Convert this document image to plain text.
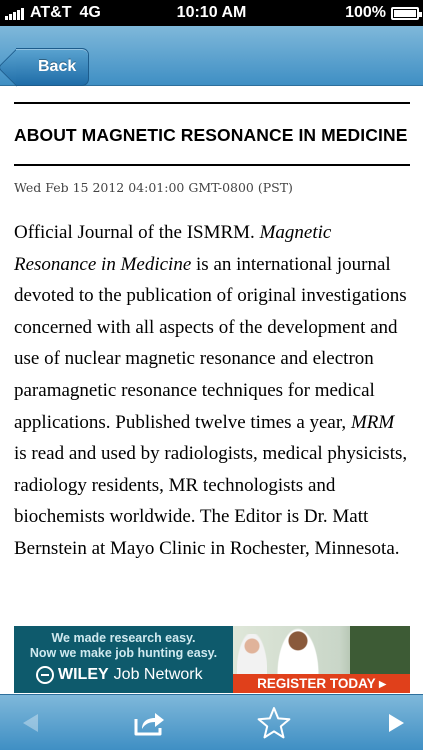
AT&T 4G	10:10 AM	100%
Back
ABOUT MAGNETIC RESONANCE IN MEDICINE
Wed Feb 15 2012 04:01:00 GMT-0800 (PST)

Official Journal of the ISMRM. Magnetic Resonance in Medicine is an international journal devoted to the publication of original investigations concerned with all aspects of the development and use of nuclear magnetic resonance and electron paramagnetic resonance techniques for medical applications. Published twelve times a year, MRM is read and used by radiologists, medical physicists, radiology residents, MR technologists and biochemists worldwide. The Editor is Dr. Matt Bernstein at Mayo Clinic in Rochester, Minnesota.

We made research easy.
Now we make job hunting easy.
WILEY Job Network
REGISTER TODAY ▸
